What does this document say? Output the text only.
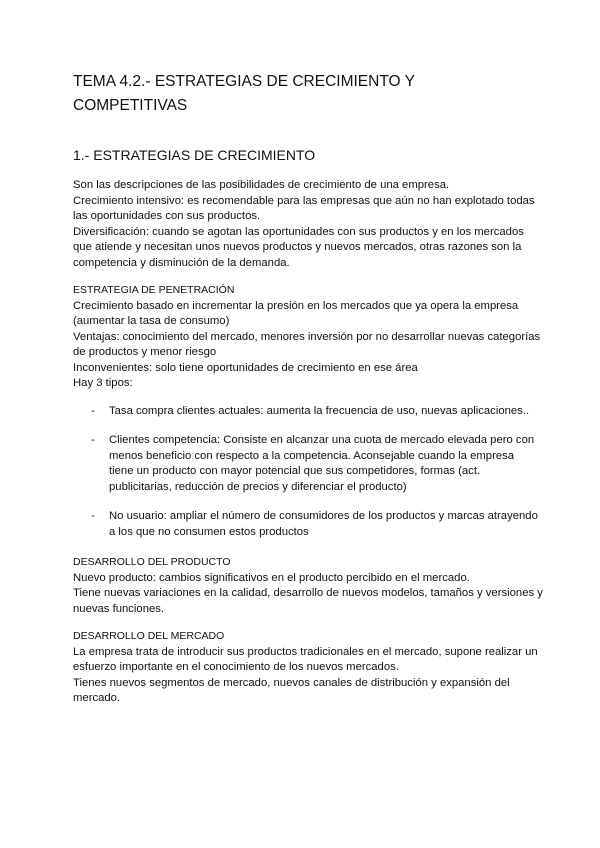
TEMA 4.2.- ESTRATEGIAS DE CRECIMIENTO Y COMPETITIVAS
1.- ESTRATEGIAS DE CRECIMIENTO

Son las descripciones de las posibilidades de crecimiento de una empresa.

Crecimiento intensivo: es recomendable para las empresas que aún no han explotado todas las oportunidades con sus productos.

Diversificación: cuando se agotan las oportunidades con sus productos y en los mercados que atiende y necesitan unos nuevos productos y nuevos mercados, otras razones son la competencia y disminución de la demanda.

ESTRATEGIA DE PENETRACIÓN

Crecimiento basado en incrementar la presión en los mercados que ya opera la empresa (aumentar la tasa de consumo)

Ventajas: conocimiento del mercado, menores inversión por no desarrollar nuevas categorías de productos y menor riesgo

Inconvenientes: solo tiene oportunidades de crecimiento en ese área

Hay 3 tipos:

- Tasa compra clientes actuales: aumenta la frecuencia de uso, nuevas aplicaciones..
- Clientes competencia: Consiste en alcanzar una cuota de mercado elevada pero con menos beneficio con respecto a la competencia. Aconsejable cuando la empresa tiene un producto con mayor potencial que sus competidores, formas (act. publicitarias, reducción de precios y diferenciar el producto)
- No usuario: ampliar el número de consumidores de los productos y marcas atrayendo a los que no consumen estos productos

DESARROLLO DEL PRODUCTO

Nuevo producto: cambios significativos en el producto percibido en el mercado.

Tiene nuevas variaciones en la calidad, desarrollo de nuevos modelos, tamaños y versiones y nuevas funciones.

DESARROLLO DEL MERCADO

La empresa trata de introducir sus productos tradicionales en el mercado, supone realizar un esfuerzo importante en el conocimiento de los nuevos mercados.

Tienes nuevos segmentos de mercado, nuevos canales de distribución y expansión del mercado.
